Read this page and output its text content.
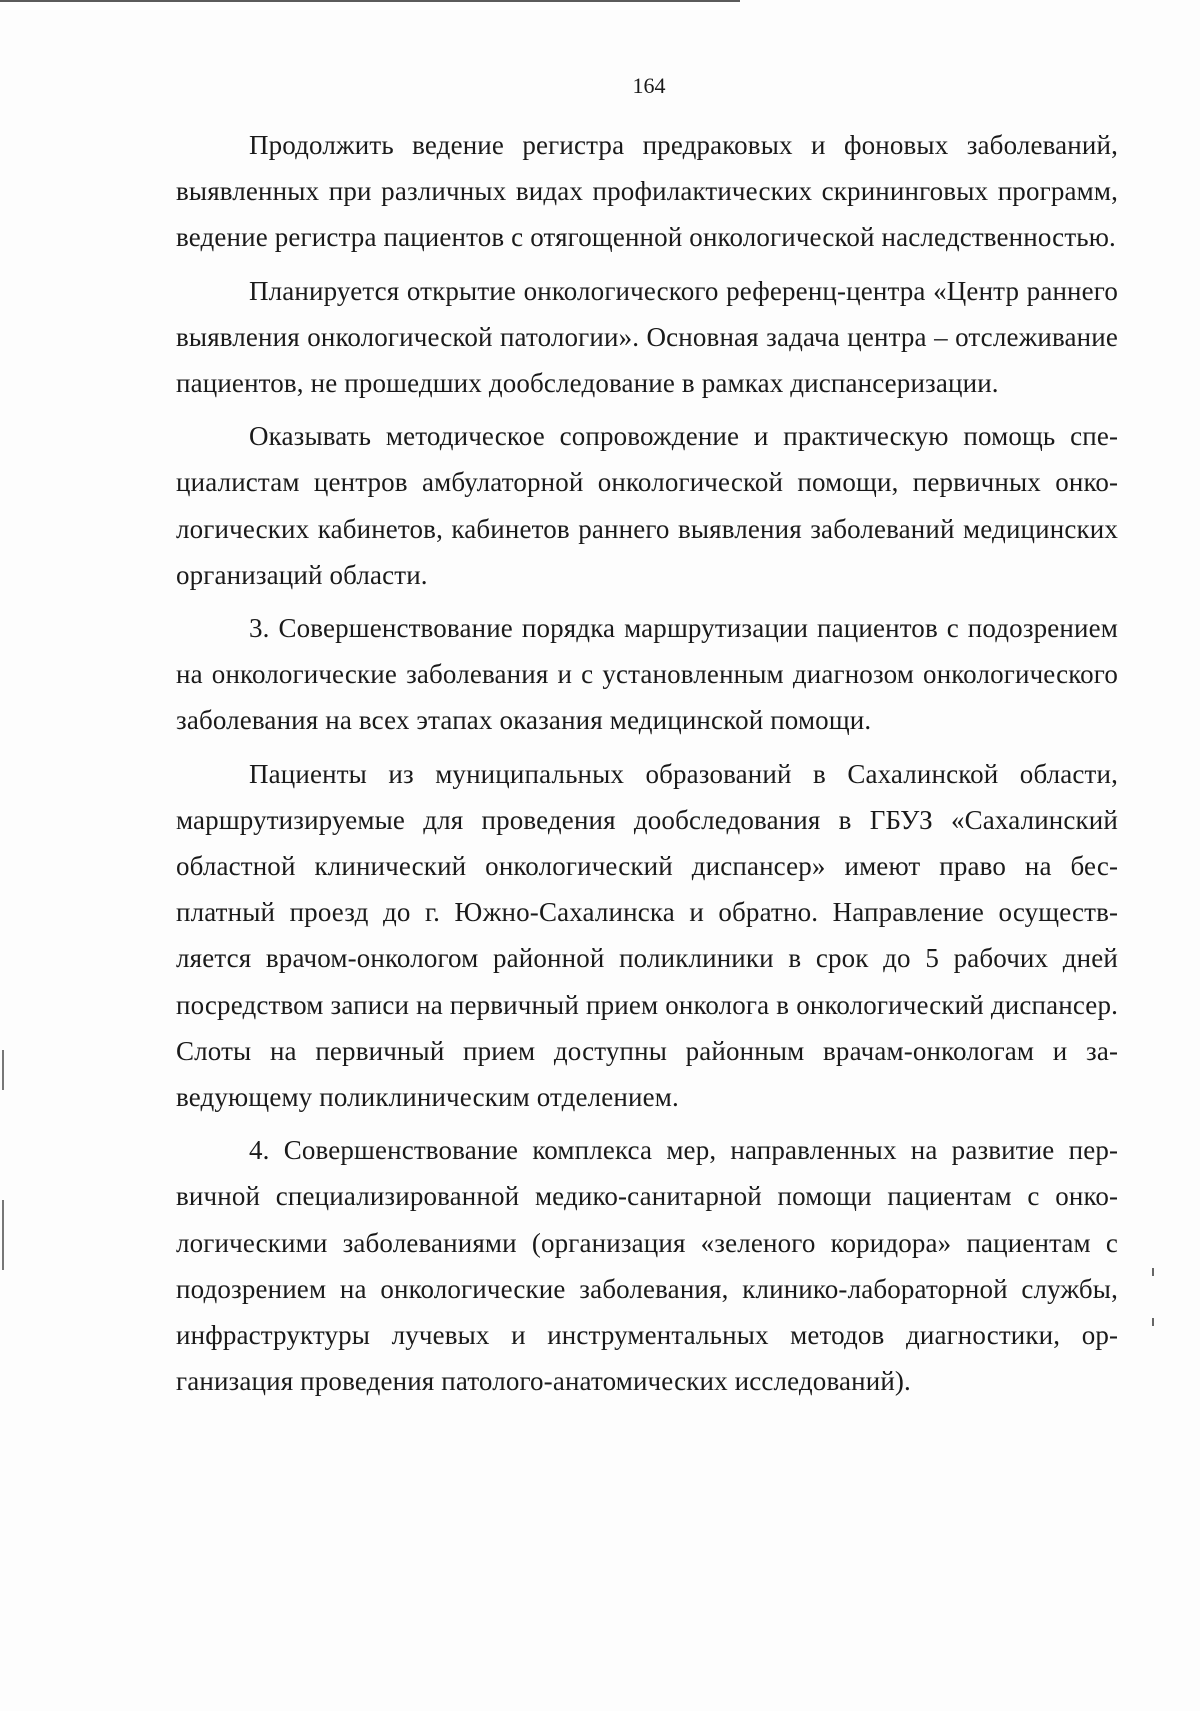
164

Продолжить ведение регистра предраковых и фоновых заболеваний, выявленных при различных видах профилактических скрининговых программ, ведение регистра пациентов с отягощенной онкологической наследственностью.

Планируется открытие онкологического референц-центра «Центр раннего выявления онкологической патологии». Основная задача центра – отслеживание пациентов, не прошедших дообследование в рамках диспансеризации.

Оказывать методическое сопровождение и практическую помощь специалистам центров амбулаторной онкологической помощи, первичных онкологических кабинетов, кабинетов раннего выявления заболеваний медицинских организаций области.

3. Совершенствование порядка маршрутизации пациентов с подозрением на онкологические заболевания и с установленным диагнозом онкологического заболевания на всех этапах оказания медицинской помощи.

Пациенты из муниципальных образований в Сахалинской области, маршрутизируемые для проведения дообследования в ГБУЗ «Сахалинский областной клинический онкологический диспансер» имеют право на бесплатный проезд до г. Южно-Сахалинска и обратно. Направление осуществляется врачом-онкологом районной поликлиники в срок до 5 рабочих дней посредством записи на первичный прием онколога в онкологический диспансер. Слоты на первичный прием доступны районным врачам-онкологам и заведующему поликлиническим отделением.

4. Совершенствование комплекса мер, направленных на развитие первичной специализированной медико-санитарной помощи пациентам с онкологическими заболеваниями (организация «зеленого коридора» пациентам с подозрением на онкологические заболевания, клинико-лабораторной службы, инфраструктуры лучевых и инструментальных методов диагностики, организация проведения патолого-анатомических исследований).
